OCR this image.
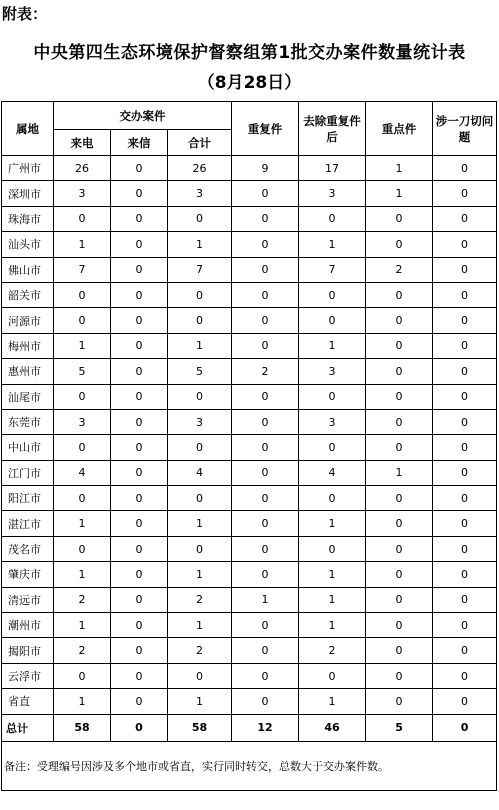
附表：
中央第四生态环境保护督察组第1批交办案件数量统计表
（8月28日）
属地	交办案件			重复件	去除重复件后	重点件	涉一刀切问题
	来电	来信	合计				
广州市	26	0	26	9	17	1	0
深圳市	3	0	3	0	3	1	0
珠海市	0	0	0	0	0	0	0
汕头市	1	0	1	0	1	0	0
佛山市	7	0	7	0	7	2	0
韶关市	0	0	0	0	0	0	0
河源市	0	0	0	0	0	0	0
梅州市	1	0	1	0	1	0	0
惠州市	5	0	5	2	3	0	0
汕尾市	0	0	0	0	0	0	0
东莞市	3	0	3	0	3	0	0
中山市	0	0	0	0	0	0	0
江门市	4	0	4	0	4	1	0
阳江市	0	0	0	0	0	0	0
湛江市	1	0	1	0	1	0	0
茂名市	0	0	0	0	0	0	0
肇庆市	1	0	1	0	1	0	0
清远市	2	0	2	1	1	0	0
潮州市	1	0	1	0	1	0	0
揭阳市	2	0	2	0	2	0	0
云浮市	0	0	0	0	0	0	0
省直	1	0	1	0	1	0	0
总计	58	0	58	12	46	5	0
备注：受理编号因涉及多个地市或省直，实行同时转交，总数大于交办案件数。							
